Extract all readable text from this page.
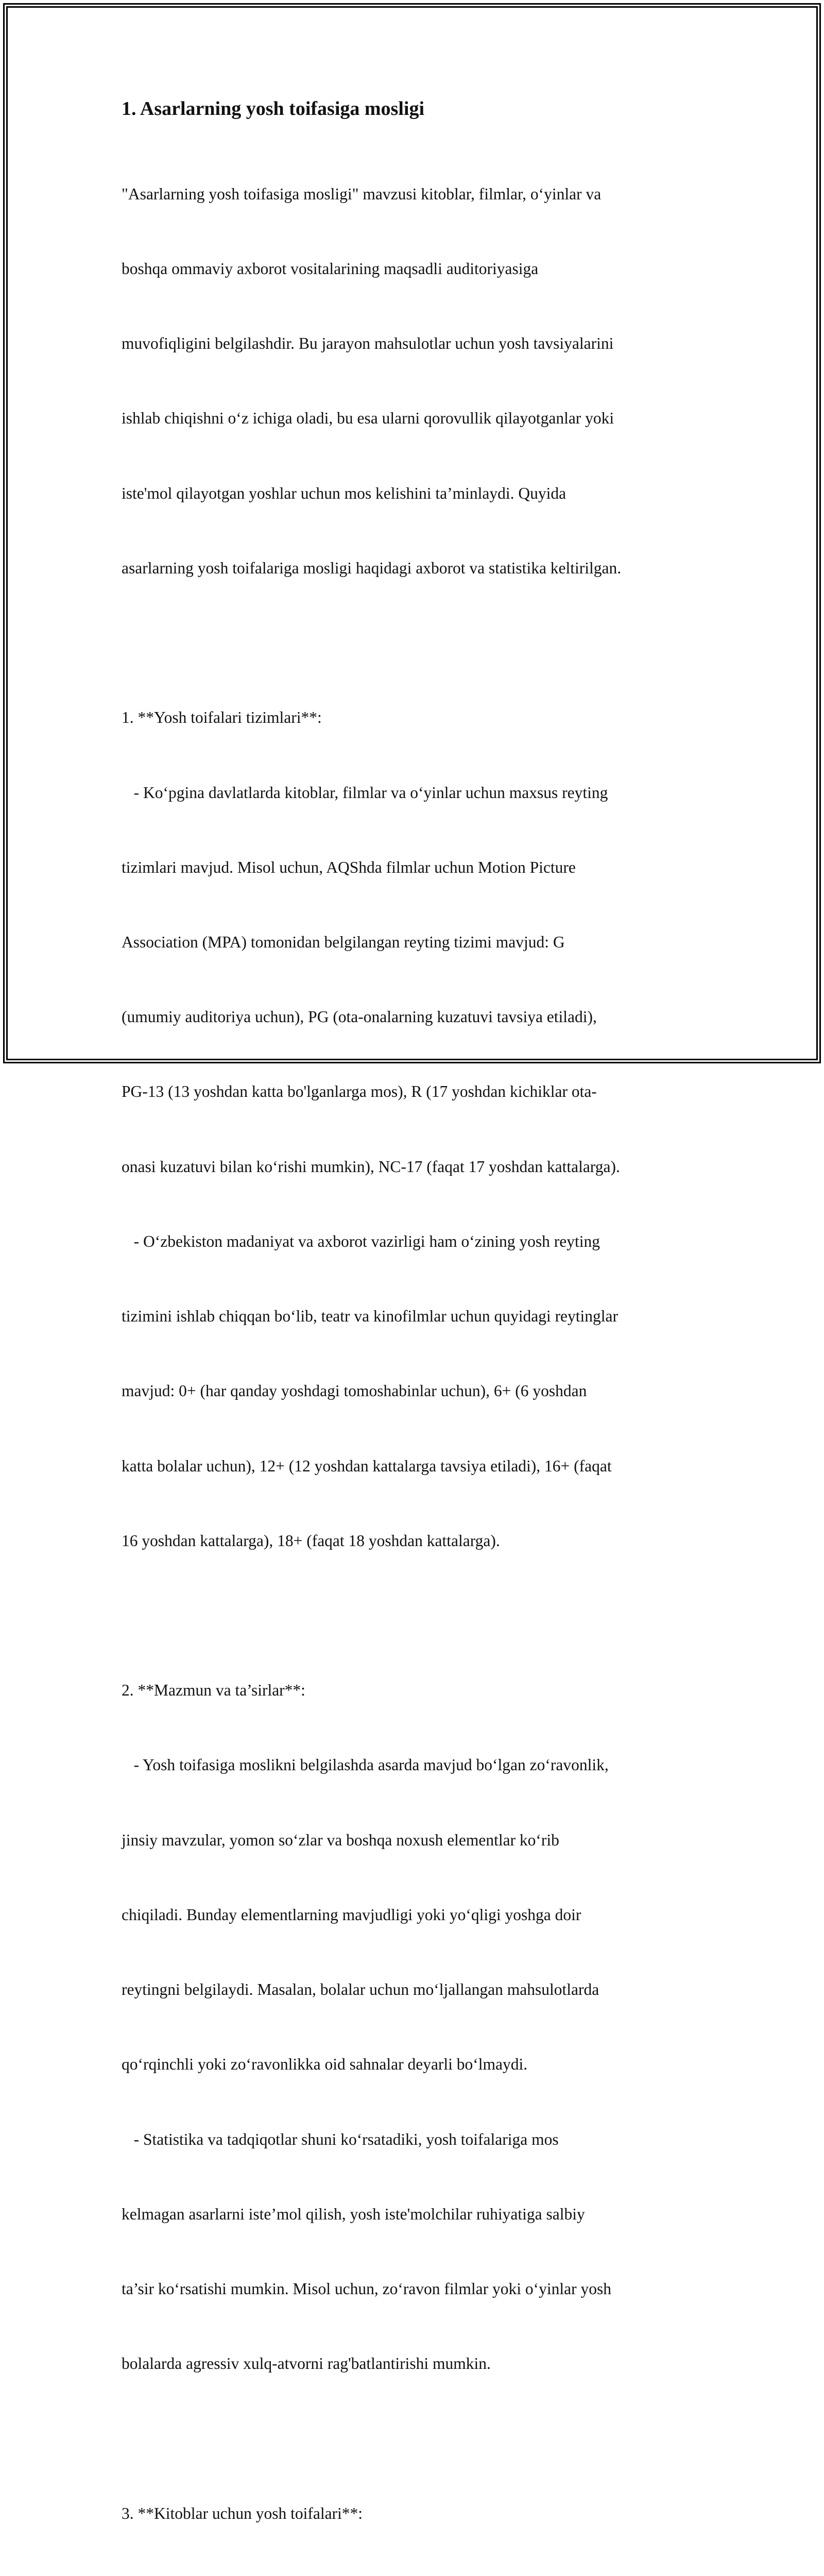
1. Asarlarning yosh toifasiga mosligi

"Asarlarning yosh toifasiga mosligi" mavzusi kitoblar, filmlar, o‘yinlar va

boshqa ommaviy axborot vositalarining maqsadli auditoriyasiga

muvofiqligini belgilashdir. Bu jarayon mahsulotlar uchun yosh tavsiyalarini

ishlab chiqishni o‘z ichiga oladi, bu esa ularni qorovullik qilayotganlar yoki

iste'mol qilayotgan yoshlar uchun mos kelishini ta’minlaydi. Quyida

asarlarning yosh toifalariga mosligi haqidagi axborot va statistika keltirilgan.

1. **Yosh toifalari tizimlari**:

- Ko‘pgina davlatlarda kitoblar, filmlar va o‘yinlar uchun maxsus reyting

tizimlari mavjud. Misol uchun, AQShda filmlar uchun Motion Picture

Association (MPA) tomonidan belgilangan reyting tizimi mavjud: G

(umumiy auditoriya uchun), PG (ota-onalarning kuzatuvi tavsiya etiladi),

PG-13 (13 yoshdan katta bo'lganlarga mos), R (17 yoshdan kichiklar ota-

onasi kuzatuvi bilan ko‘rishi mumkin), NC-17 (faqat 17 yoshdan kattalarga).

- O‘zbekiston madaniyat va axborot vazirligi ham o‘zining yosh reyting

tizimini ishlab chiqqan bo‘lib, teatr va kinofilmlar uchun quyidagi reytinglar

mavjud: 0+ (har qanday yoshdagi tomoshabinlar uchun), 6+ (6 yoshdan

katta bolalar uchun), 12+ (12 yoshdan kattalarga tavsiya etiladi), 16+ (faqat

16 yoshdan kattalarga), 18+ (faqat 18 yoshdan kattalarga).

2. **Mazmun va ta’sirlar**:

- Yosh toifasiga moslikni belgilashda asarda mavjud bo‘lgan zo‘ravonlik,

jinsiy mavzular, yomon so‘zlar va boshqa noxush elementlar ko‘rib

chiqiladi. Bunday elementlarning mavjudligi yoki yo‘qligi yoshga doir

reytingni belgilaydi. Masalan, bolalar uchun mo‘ljallangan mahsulotlarda

qo‘rqinchli yoki zo‘ravonlikka oid sahnalar deyarli bo‘lmaydi.

- Statistika va tadqiqotlar shuni ko‘rsatadiki, yosh toifalariga mos

kelmagan asarlarni iste’mol qilish, yosh iste'molchilar ruhiyatiga salbiy

ta’sir ko‘rsatishi mumkin. Misol uchun, zo‘ravon filmlar yoki o‘yinlar yosh

bolalarda agressiv xulq-atvorni rag'batlantirishi mumkin.

3. **Kitoblar uchun yosh toifalari**:
